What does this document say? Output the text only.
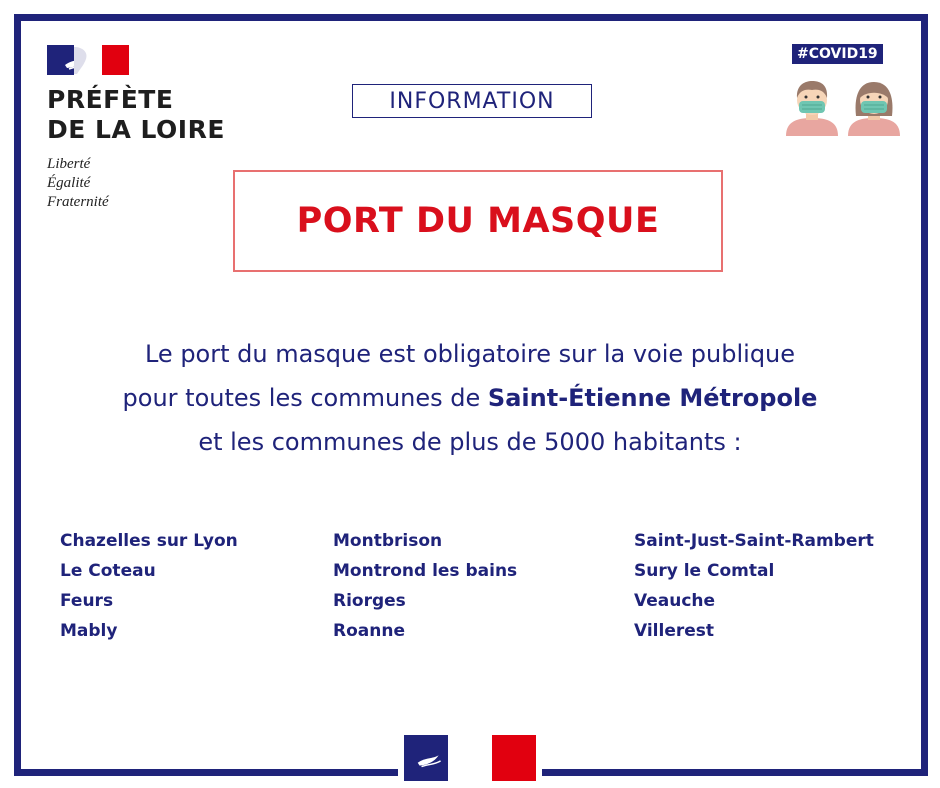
PRÉFÈTE
DE LA LOIRE
Liberté
Égalité
Fraternité
INFORMATION
#COVID19
PORT DU MASQUE
Le port du masque est obligatoire sur la voie publique
pour toutes les communes de Saint-Étienne Métropole
et les communes de plus de 5000 habitants :
Chazelles sur Lyon
Le Coteau
Feurs
Mably
Montbrison
Montrond les bains
Riorges
Roanne
Saint-Just-Saint-Rambert
Sury le Comtal
Veauche
Villerest
